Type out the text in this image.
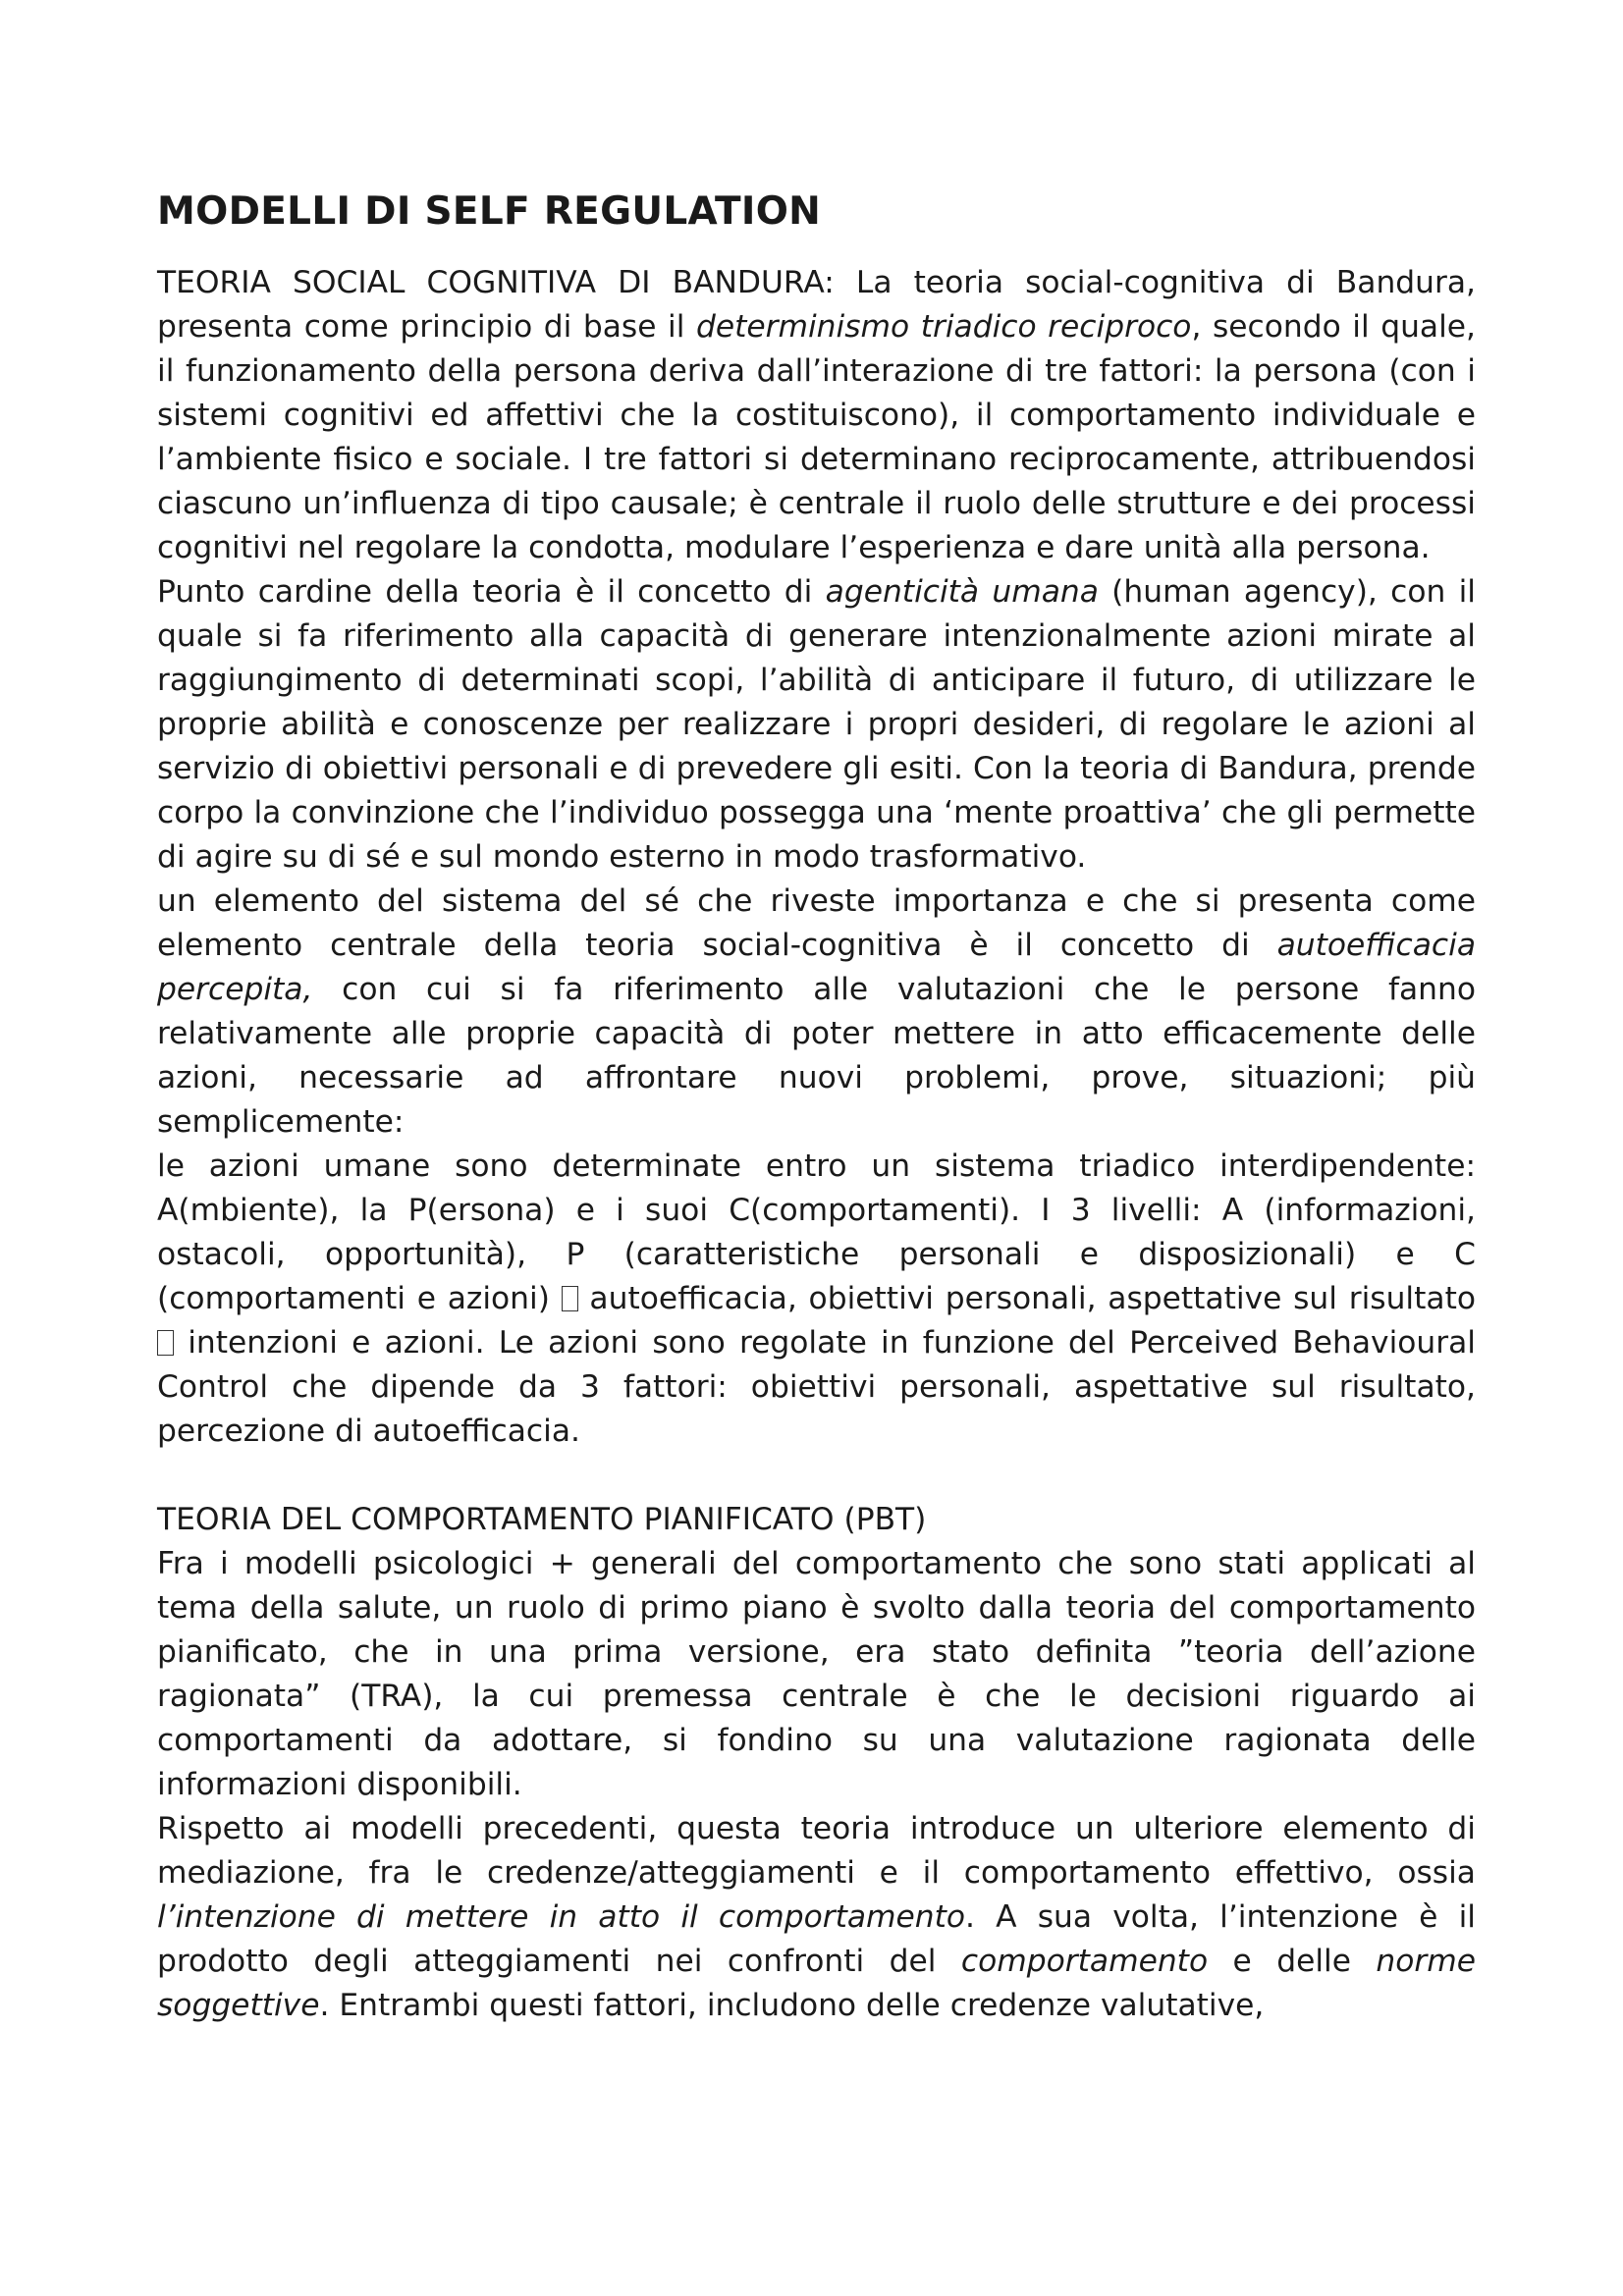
MODELLI DI SELF REGULATION

TEORIA SOCIAL COGNITIVA DI BANDURA: La teoria social-cognitiva di Bandura, presenta come principio di base il determinismo triadico reciproco, secondo il quale, il funzionamento della persona deriva dall’interazione di tre fattori: la persona (con i sistemi cognitivi ed affettivi che la costituiscono), il comportamento individuale e l’ambiente fisico e sociale. I tre fattori si determinano reciprocamente, attribuendosi ciascuno un’influenza di tipo causale; è centrale il ruolo delle strutture e dei processi cognitivi nel regolare la condotta, modulare l’esperienza e dare unità alla persona.

Punto cardine della teoria è il concetto di agenticità umana (human agency), con il quale si fa riferimento alla capacità di generare intenzionalmente azioni mirate al raggiungimento di determinati scopi, l’abilità di anticipare il futuro, di utilizzare le proprie abilità e conoscenze per realizzare i propri desideri, di regolare le azioni al servizio di obiettivi personali e di prevedere gli esiti. Con la teoria di Bandura, prende corpo la convinzione che l’individuo possegga una ‘mente proattiva’ che gli permette di agire su di sé e sul mondo esterno in modo trasformativo.

un elemento del sistema del sé che riveste importanza e che si presenta come elemento centrale della teoria social-cognitiva è il concetto di autoefficacia percepita, con cui si fa riferimento alle valutazioni che le persone fanno relativamente alle proprie capacità di poter mettere in atto efficacemente delle azioni, necessarie ad affrontare nuovi problemi, prove, situazioni; più semplicemente:

le azioni umane sono determinate entro un sistema triadico interdipendente: A(mbiente), la P(ersona) e i suoi C(comportamenti). I 3 livelli: A (informazioni, ostacoli, opportunità), P (caratteristiche personali e disposizionali) e C (comportamenti e azioni)  autoefficacia, obiettivi personali, aspettative sul risultato  intenzioni e azioni. Le azioni sono regolate in funzione del Perceived Behavioural Control che dipende da 3 fattori: obiettivi personali, aspettative sul risultato, percezione di autoefficacia.

TEORIA DEL COMPORTAMENTO PIANIFICATO (PBT)

Fra i modelli psicologici + generali del comportamento che sono stati applicati al tema della salute, un ruolo di primo piano è svolto dalla teoria del comportamento pianificato, che in una prima versione, era stato definita ”teoria dell’azione ragionata” (TRA), la cui premessa centrale è che le decisioni riguardo ai comportamenti da adottare, si fondino su una valutazione ragionata delle informazioni disponibili.

Rispetto ai modelli precedenti, questa teoria introduce un ulteriore elemento di mediazione, fra le credenze/atteggiamenti e il comportamento effettivo, ossia l’intenzione di mettere in atto il comportamento. A sua volta, l’intenzione è il prodotto degli atteggiamenti nei confronti del comportamento e delle norme soggettive. Entrambi questi fattori, includono delle credenze valutative,
